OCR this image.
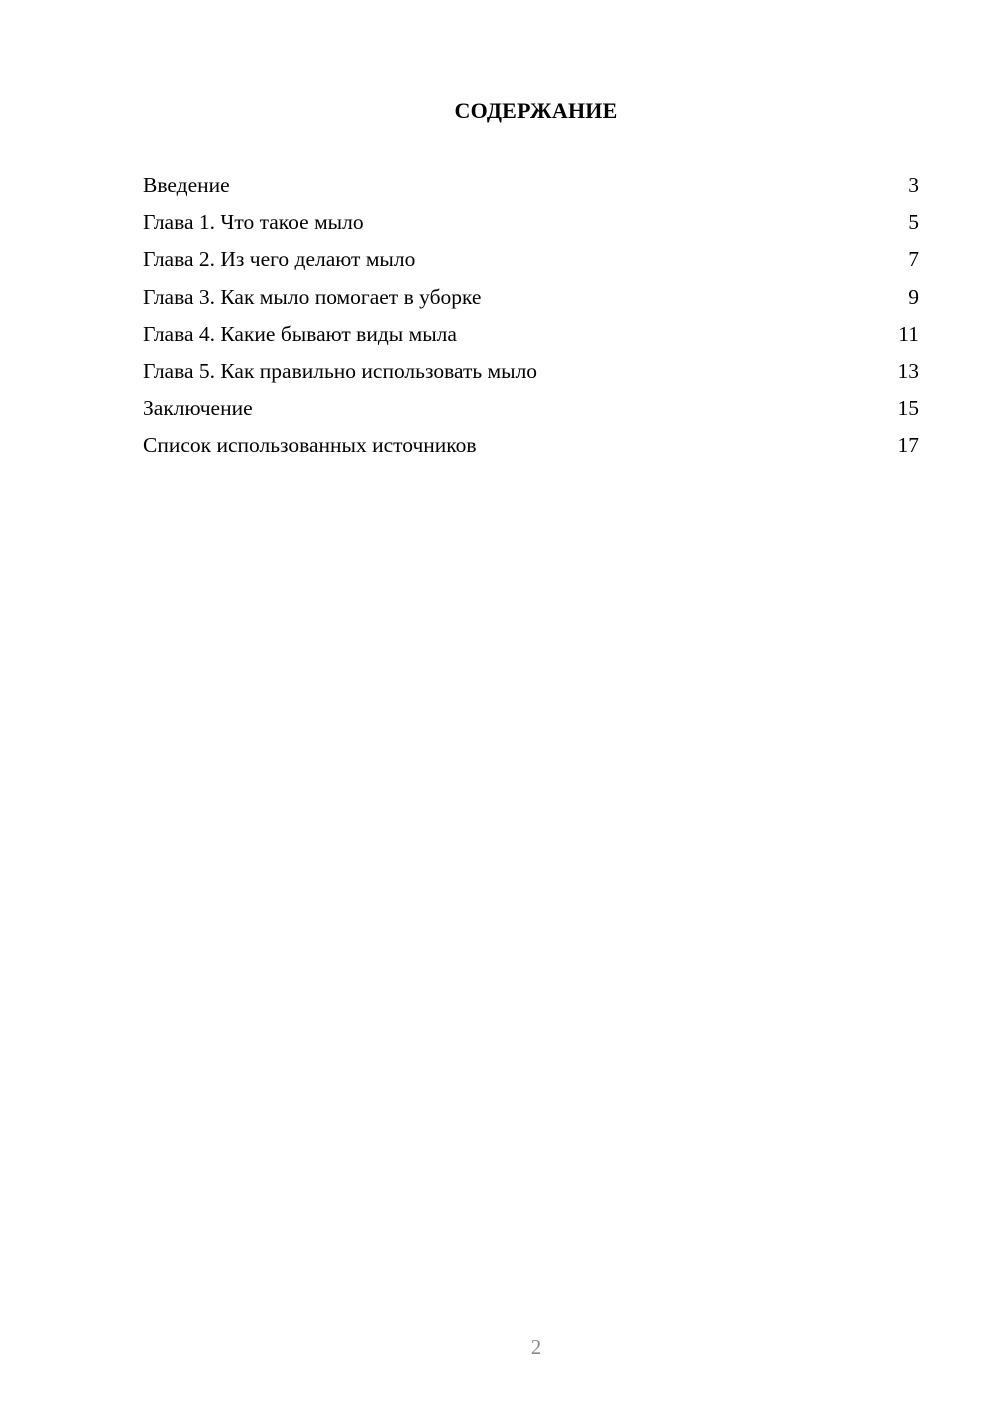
СОДЕРЖАНИЕ
Введение	3
Глава 1. Что такое мыло	5
Глава 2. Из чего делают мыло	7
Глава 3. Как мыло помогает в уборке	9
Глава 4. Какие бывают виды мыла	11
Глава 5. Как правильно использовать мыло	13
Заключение	15
Список использованных источников	17
2
